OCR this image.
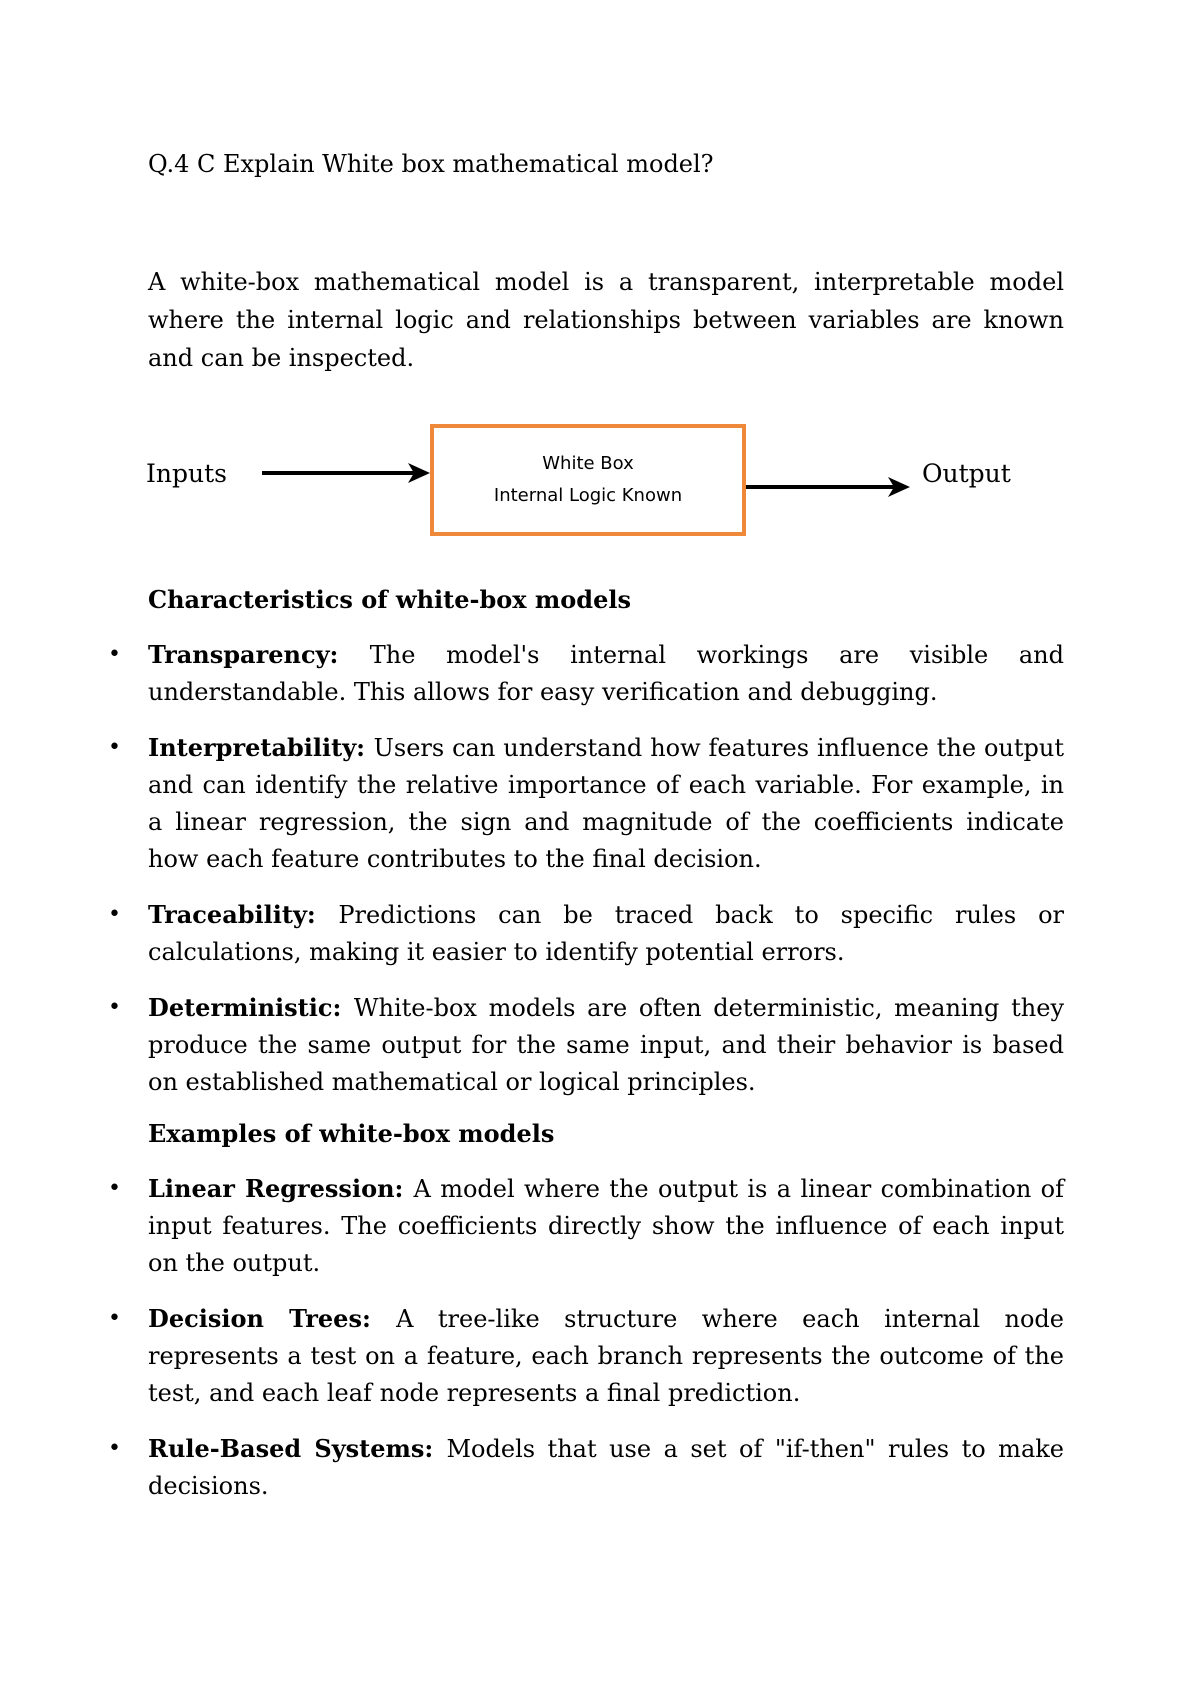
Q.4 C Explain White box mathematical model?

A white-box mathematical model is a transparent, interpretable model where the internal logic and relationships between variables are known and can be inspected.

Inputs	White Box
Internal Logic Known
Output
Characteristics of white-box models
• Transparency: The model's internal workings are visible and understandable. This allows for easy verification and debugging.
• Interpretability: Users can understand how features influence the output and can identify the relative importance of each variable. For example, in a linear regression, the sign and magnitude of the coefficients indicate how each feature contributes to the final decision.
• Traceability: Predictions can be traced back to specific rules or calculations, making it easier to identify potential errors.
• Deterministic: White-box models are often deterministic, meaning they produce the same output for the same input, and their behavior is based on established mathematical or logical principles.
Examples of white-box models
• Linear Regression: A model where the output is a linear combination of input features. The coefficients directly show the influence of each input on the output.
• Decision Trees: A tree-like structure where each internal node represents a test on a feature, each branch represents the outcome of the test, and each leaf node represents a final prediction.
• Rule-Based Systems: Models that use a set of "if-then" rules to make decisions.
